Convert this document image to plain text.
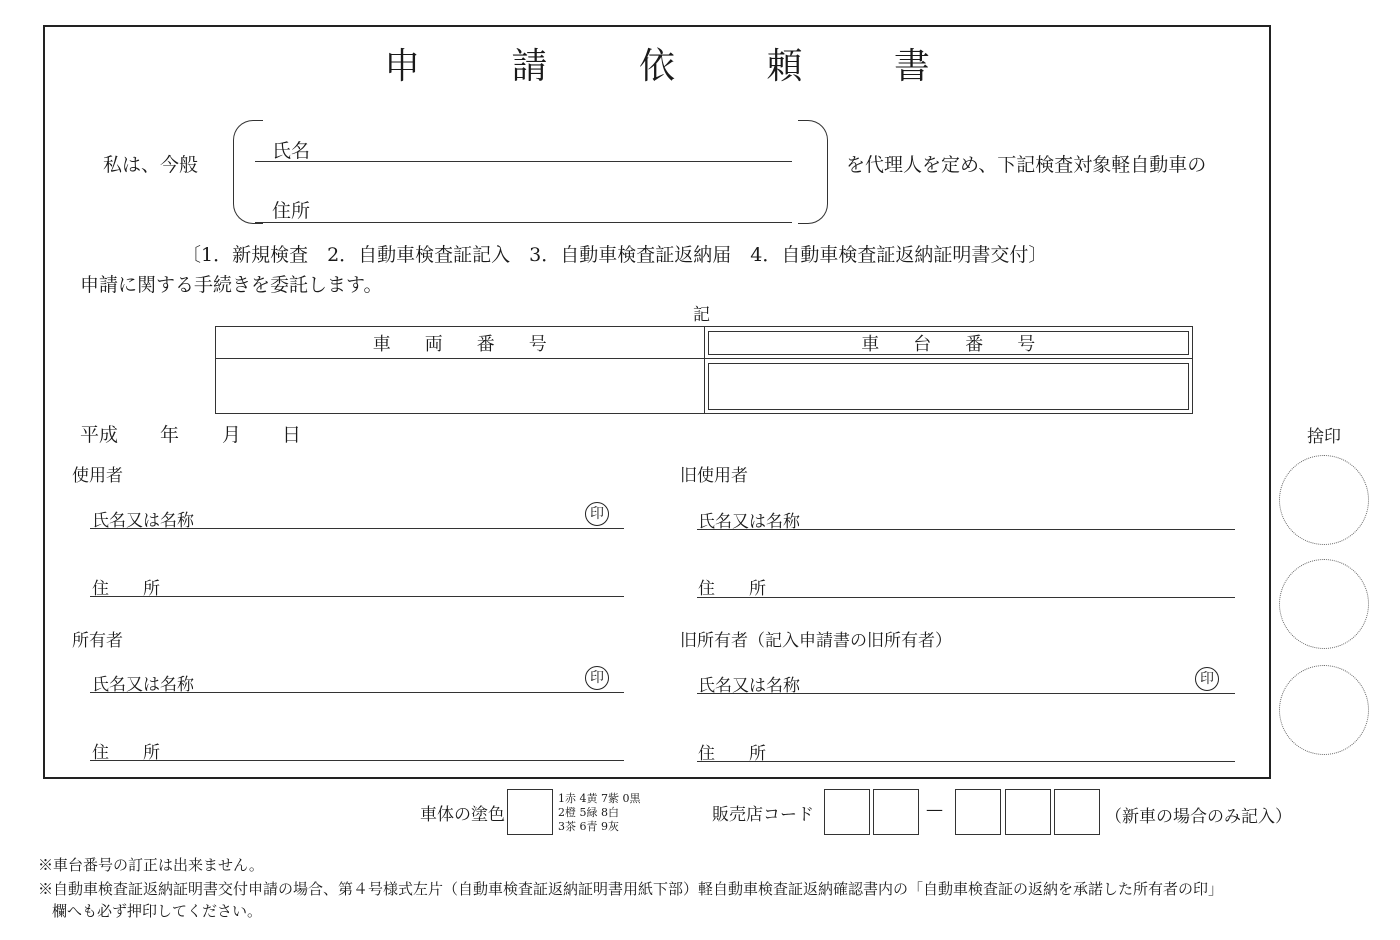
申 請 依 頼 書
私は、今般
氏名
住所
を代理人を定め、下記検査対象軽自動車の
〔1．新規検査　2．自動車検査証記入　3．自動車検査証返納届　4．自動車検査証返納証明書交付〕
申請に関する手続きを委託します。
記
車両番号	車台番号

平成 年 月 日
使用者
氏名又は名称	印
住　　所
旧使用者
氏名又は名称
住　　所
所有者
氏名又は名称	印
住　　所
旧所有者（記入申請書の旧所有者）
氏名又は名称	印
住　　所
捨印
車体の塗色
1赤 4黄 7紫 0黒
2橙 5緑 8白
3茶 6青 9灰
販売店コード	—	（新車の場合のみ記入）
※車台番号の訂正は出来ません。
※自動車検査証返納証明書交付申請の場合、第４号様式左片（自動車検査証返納証明書用紙下部）軽自動車検査証返納確認書内の「自動車検査証の返納を承諾した所有者の印」
欄へも必ず押印してください。
